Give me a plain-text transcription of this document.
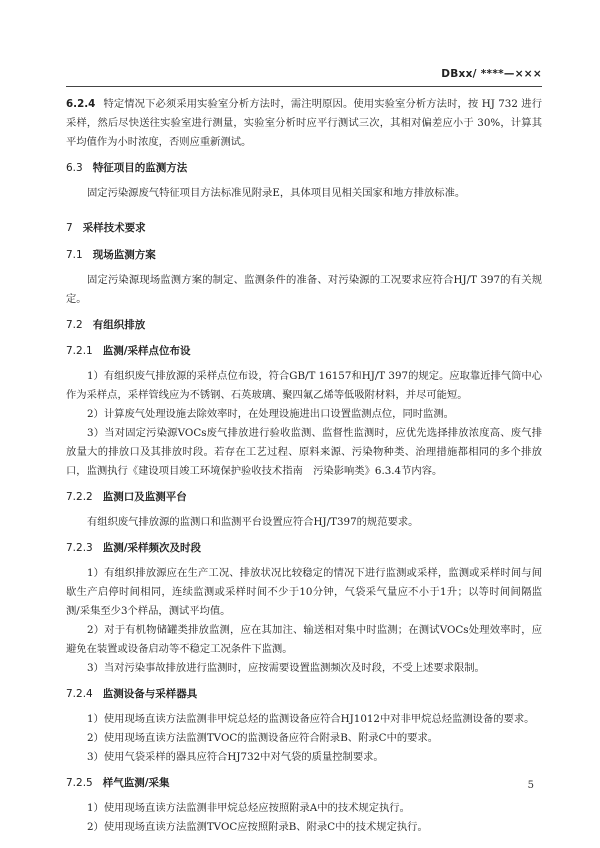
DBxx/ ****—×××

6.2.4 特定情况下必须采用实验室分析方法时，需注明原因。使用实验室分析方法时，按 HJ 732 进行采样，然后尽快送往实验室进行测量，实验室分析时应平行测试三次，其相对偏差应小于 30%，计算其平均值作为小时浓度，否则应重新测试。

6.3 特征项目的监测方法

固定污染源废气特征项目方法标准见附录E，具体项目见相关国家和地方排放标准。

7 采样技术要求
7.1 现场监测方案

固定污染源现场监测方案的制定、监测条件的准备、对污染源的工况要求应符合HJ/T 397的有关规定。

7.2 有组织排放
7.2.1 监测/采样点位布设

1）有组织废气排放源的采样点位布设，符合GB/T 16157和HJ/T 397的规定。应取靠近排气筒中心作为采样点，采样管线应为不锈钢、石英玻璃、聚四氟乙烯等低吸附材料，并尽可能短。

2）计算废气处理设施去除效率时，在处理设施进出口设置监测点位，同时监测。

3）当对固定污染源VOCs废气排放进行验收监测、监督性监测时，应优先选择排放浓度高、废气排放量大的排放口及其排放时段。若存在工艺过程、原料来源、污染物种类、治理措施都相同的多个排放口，监测执行《建设项目竣工环境保护验收技术指南　污染影响类》6.3.4节内容。

7.2.2 监测口及监测平台

有组织废气排放源的监测口和监测平台设置应符合HJ/T397的规范要求。

7.2.3 监测/采样频次及时段

1）有组织排放源应在生产工况、排放状况比较稳定的情况下进行监测或采样，监测或采样时间与间歇生产启停时间相同，连续监测或采样时间不少于10分钟，气袋采气量应不小于1升；以等时间间隔监测/采集至少3个样品，测试平均值。

2）对于有机物储罐类排放监测，应在其加注、输送相对集中时监测；在测试VOCs处理效率时，应避免在装置或设备启动等不稳定工况条件下监测。

3）当对污染事故排放进行监测时，应按需要设置监测频次及时段，不受上述要求限制。

7.2.4 监测设备与采样器具

1）使用现场直读方法监测非甲烷总烃的监测设备应符合HJ1012中对非甲烷总烃监测设备的要求。

2）使用现场直读方法监测TVOC的监测设备应符合附录B、附录C中的要求。

3）使用气袋采样的器具应符合HJ732中对气袋的质量控制要求。

7.2.5 样气监测/采集

1）使用现场直读方法监测非甲烷总烃应按照附录A中的技术规定执行。

2）使用现场直读方法监测TVOC应按照附录B、附录C中的技术规定执行。

5
